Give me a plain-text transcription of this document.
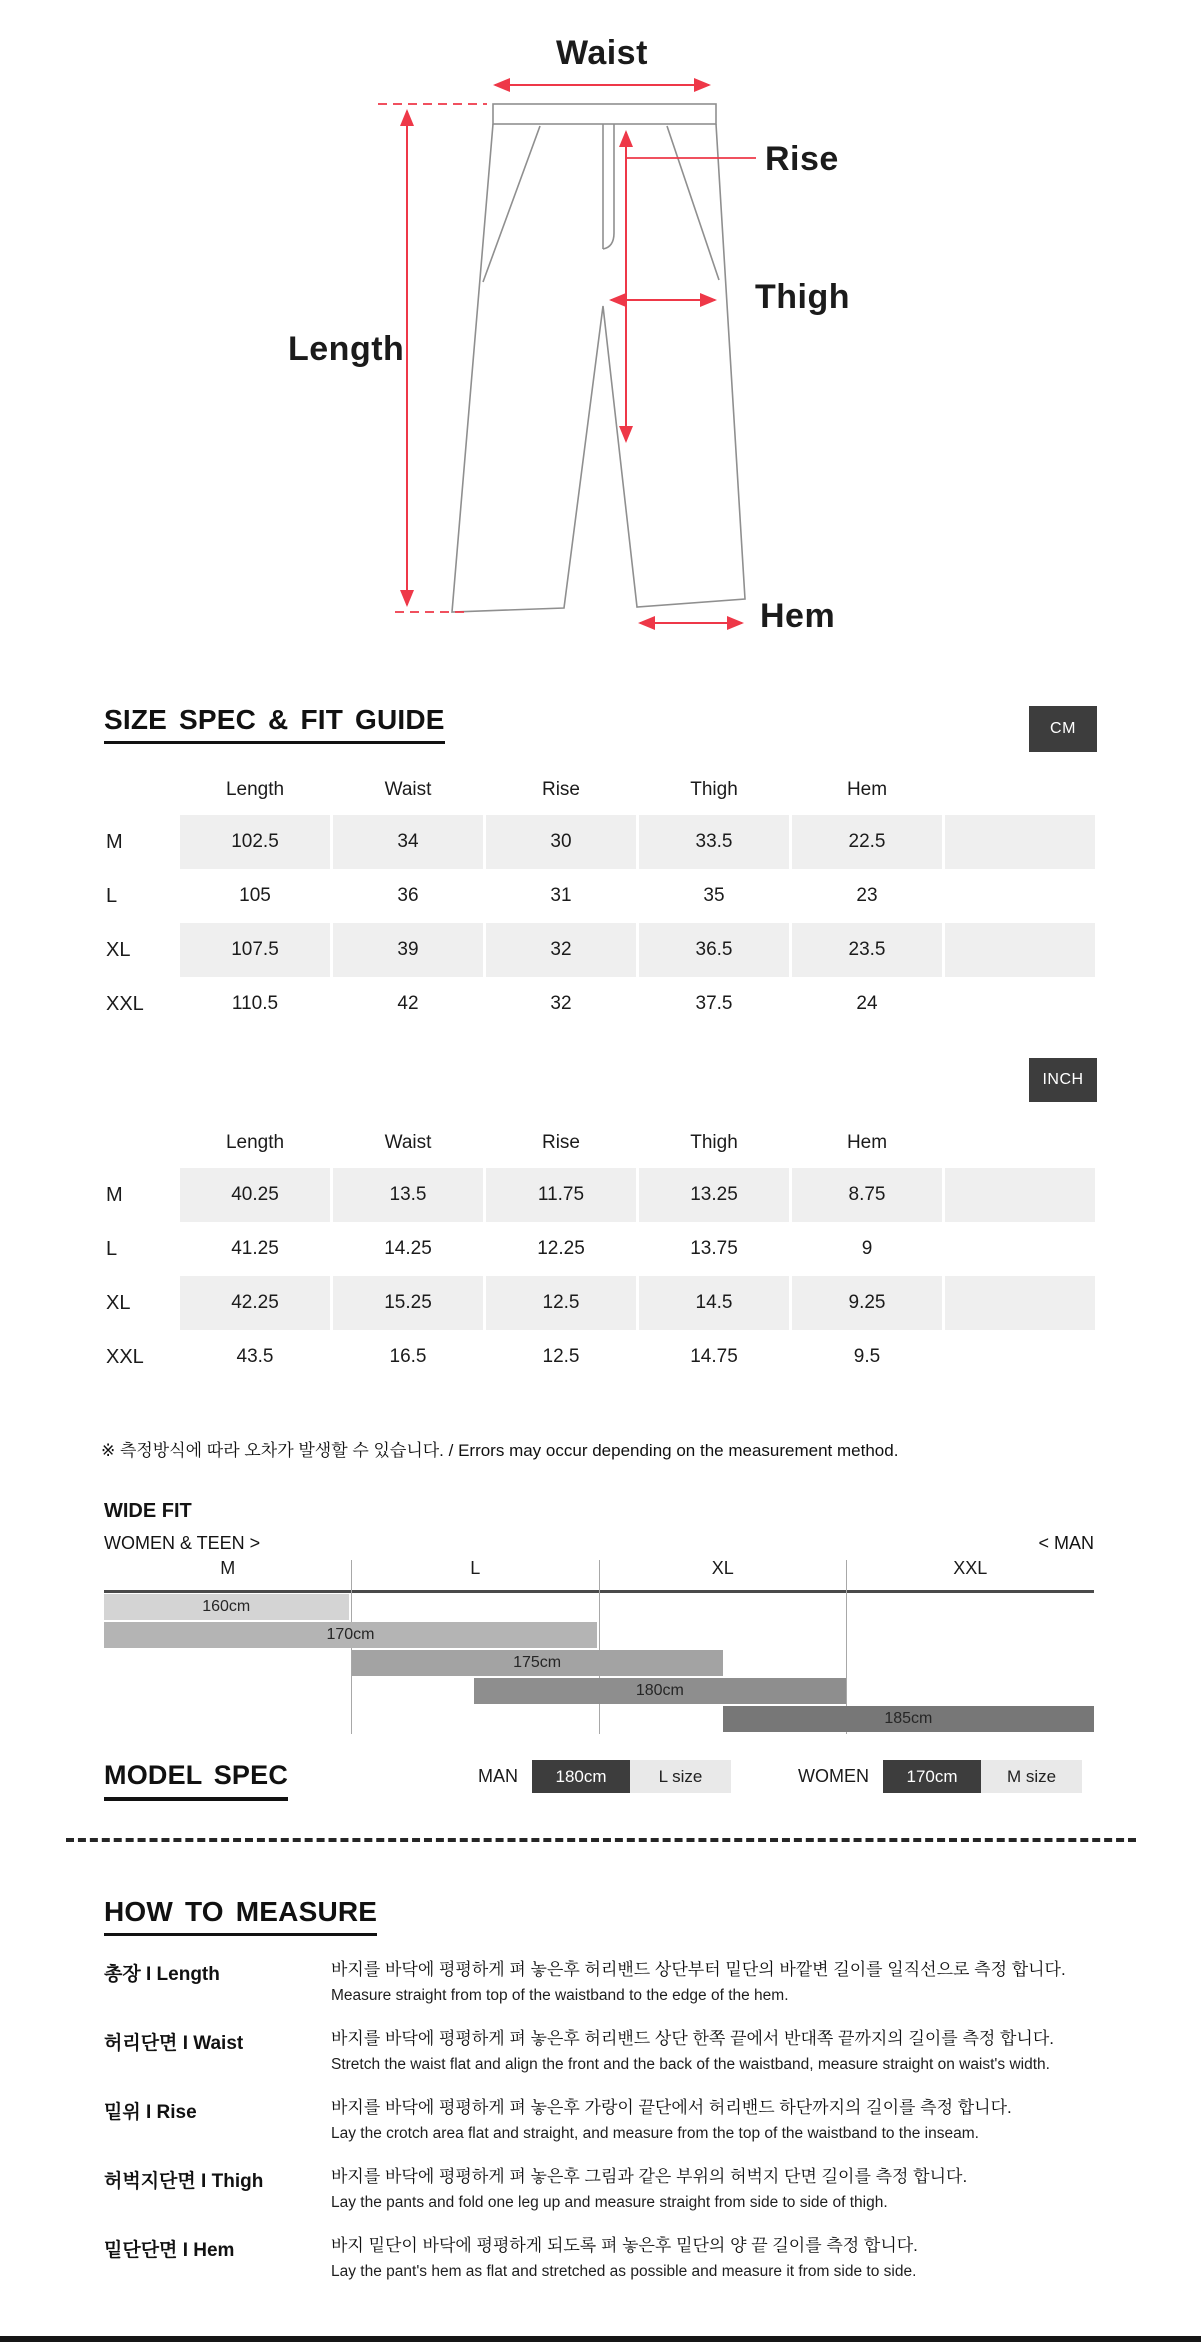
Waist
Rise
Thigh
Length
Hem
SIZE SPEC & FIT GUIDE	CM
Length	Waist	Rise	Thigh	Hem
M	102.5	34	30	33.5	22.5
L	105	36	31	35	23
XL	107.5	39	32	36.5	23.5
XXL	110.5	42	32	37.5	24
INCH
Length	Waist	Rise	Thigh	Hem
M	40.25	13.5	11.75	13.25	8.75
L	41.25	14.25	12.25	13.75	9
XL	42.25	15.25	12.5	14.5	9.25
XXL	43.5	16.5	12.5	14.75	9.5
※ 측정방식에 따라 오차가 발생할 수 있습니다. / Errors may occur depending on the measurement method.
WIDE FIT
WOMEN & TEEN >	< MAN
M	L	XL	XXL
160cm
170cm
175cm
180cm
185cm
MODEL SPEC	MAN	180cm	L size	WOMEN	170cm	M size
HOW TO MEASURE
총장 I Length	바지를 바닥에 평평하게 펴 놓은후 허리밴드 상단부터 밑단의 바깥변 길이를 일직선으로 측정 합니다.
Measure straight from top of the waistband to the edge of the hem.
허리단면 I Waist	바지를 바닥에 평평하게 펴 놓은후 허리밴드 상단 한쪽 끝에서 반대쪽 끝까지의 길이를 측정 합니다.
Stretch the waist flat and align the front and the back of the waistband, measure straight on waist's width.
밑위 I Rise	바지를 바닥에 평평하게 펴 놓은후 가랑이 끝단에서 허리밴드 하단까지의 길이를 측정 합니다.
Lay the crotch area flat and straight, and measure from the top of the waistband to the inseam.
허벅지단면 I Thigh	바지를 바닥에 평평하게 펴 놓은후 그림과 같은 부위의 허벅지 단면 길이를 측정 합니다.
Lay the pants and fold one leg up and measure straight from side to side of thigh.
밑단단면 I Hem	바지 밑단이 바닥에 평평하게 되도록 펴 놓은후 밑단의 양 끝 길이를 측정 합니다.
Lay the pant's hem as flat and stretched as possible and measure it from side to side.
